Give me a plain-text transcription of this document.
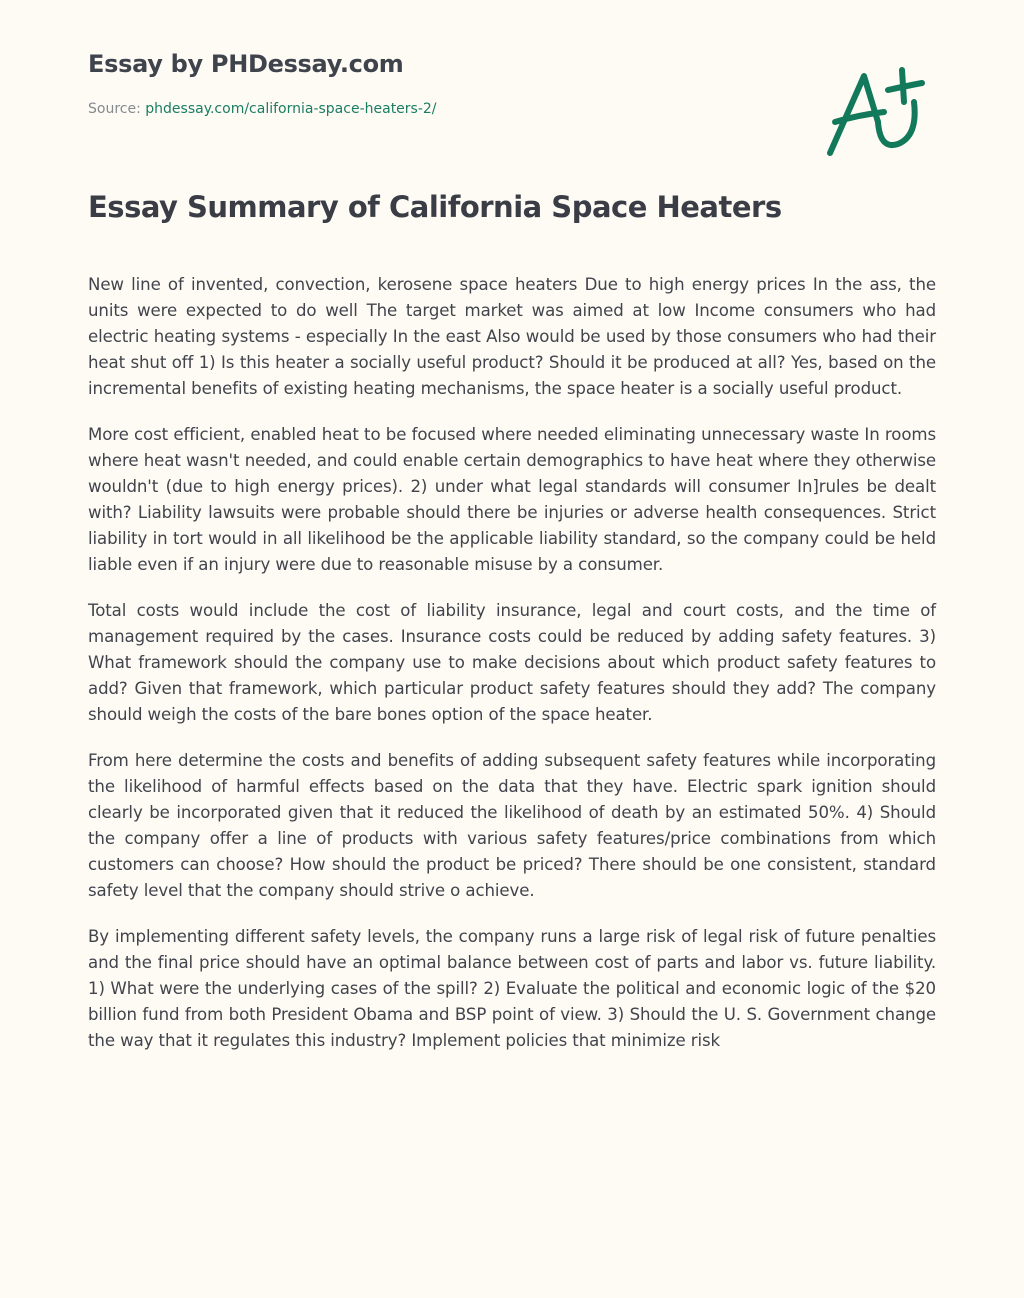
Essay by PHDessay.com
Source: phdessay.com/california-space-heaters-2/
Essay Summary of California Space Heaters

New line of invented, convection, kerosene space heaters Due to high energy prices In the ass, the units were expected to do well The target market was aimed at low Income consumers who had electric heating systems - especially In the east Also would be used by those consumers who had their heat shut off 1) Is this heater a socially useful product? Should it be produced at all? Yes, based on the incremental benefits of existing heating mechanisms, the space heater is a socially useful product.

More cost efficient, enabled heat to be focused where needed eliminating unnecessary waste In rooms where heat wasn't needed, and could enable certain demographics to have heat where they otherwise wouldn't (due to high energy prices). 2) under what legal standards will consumer In]rules be dealt with? Liability lawsuits were probable should there be injuries or adverse health consequences. Strict liability in tort would in all likelihood be the applicable liability standard, so the company could be held liable even if an injury were due to reasonable misuse by a consumer.

Total costs would include the cost of liability insurance, legal and court costs, and the time of management required by the cases. Insurance costs could be reduced by adding safety features. 3) What framework should the company use to make decisions about which product safety features to add? Given that framework, which particular product safety features should they add? The company should weigh the costs of the bare bones option of the space heater.

From here determine the costs and benefits of adding subsequent safety features while incorporating the likelihood of harmful effects based on the data that they have. Electric spark ignition should clearly be incorporated given that it reduced the likelihood of death by an estimated 50%. 4) Should the company offer a line of products with various safety features/price combinations from which customers can choose? How should the product be priced? There should be one consistent, standard safety level that the company should strive o achieve.

By implementing different safety levels, the company runs a large risk of legal risk of future penalties and the final price should have an optimal balance between cost of parts and labor vs. future liability. 1) What were the underlying cases of the spill? 2) Evaluate the political and economic logic of the $20 billion fund from both President Obama and BSP point of view. 3) Should the U. S. Government change the way that it regulates this industry? Implement policies that minimize risk
